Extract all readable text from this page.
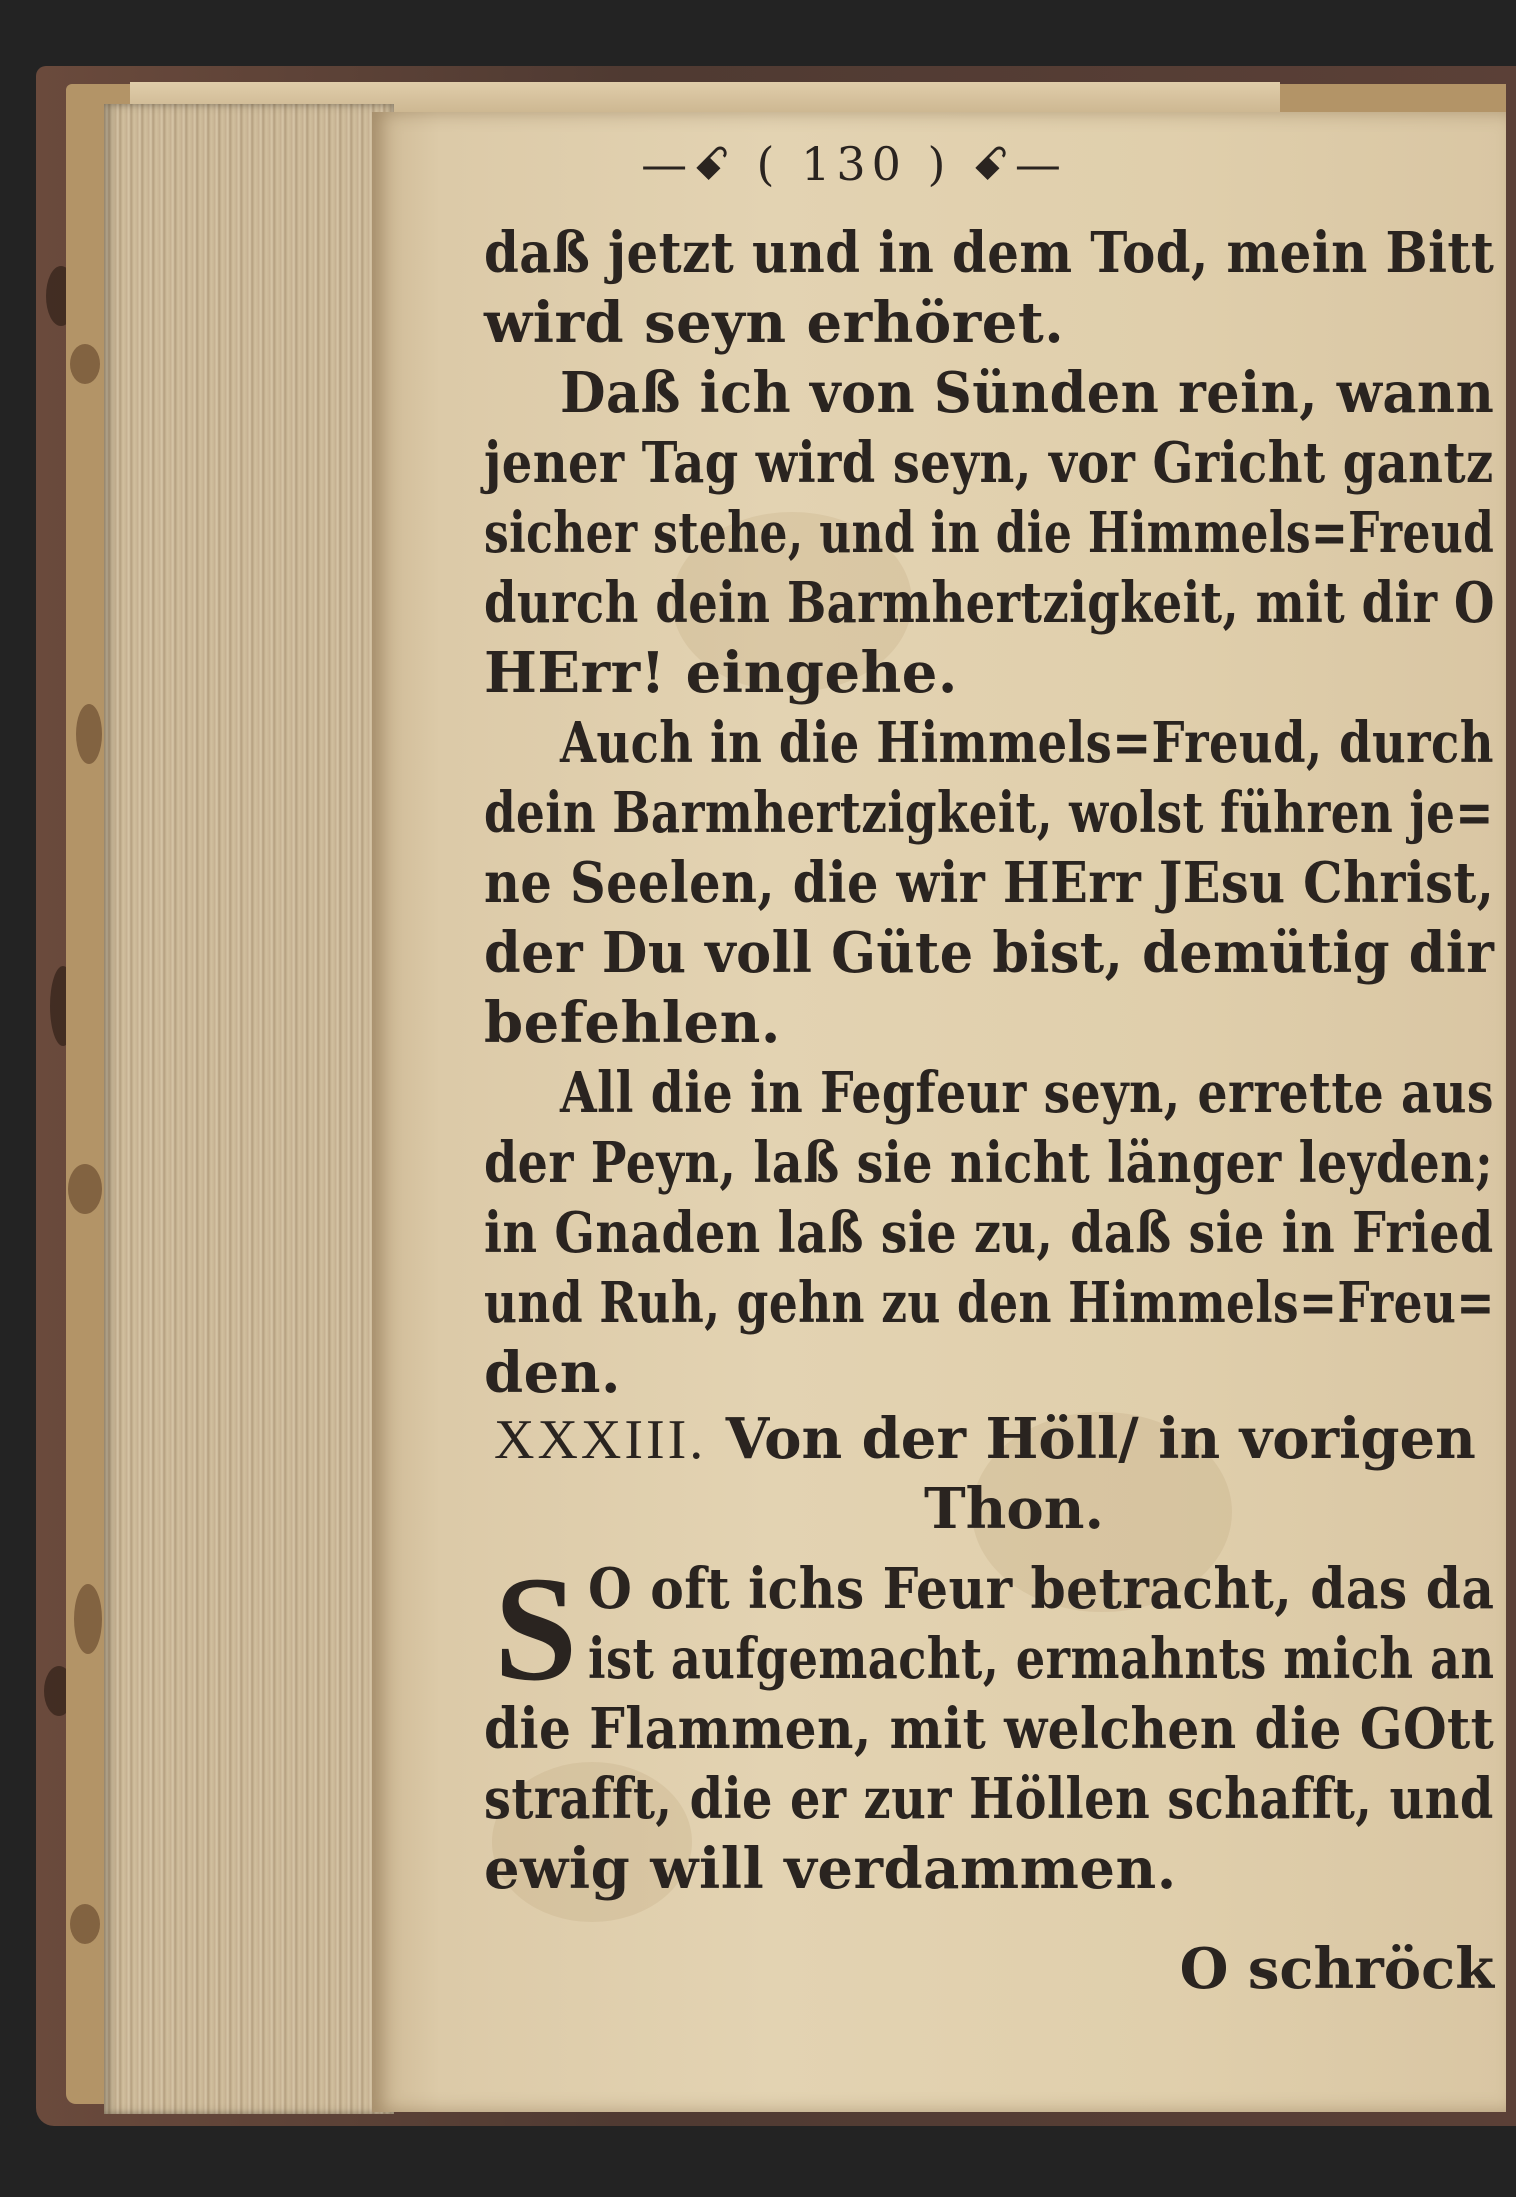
—ꗃ ( 130 ) ꗃ—
daß jetzt und in dem Tod, mein Bitt
wird seyn erhöret.
Daß ich von Sünden rein, wann
jener Tag wird seyn, vor Gricht gantz
sicher stehe, und in die Himmels=Freud
durch dein Barmhertzigkeit, mit dir O
HErr! eingehe.
Auch in die Himmels=Freud, durch
dein Barmhertzigkeit, wolst führen je=
ne Seelen, die wir HErr JEsu Christ,
der Du voll Güte bist, demütig dir
befehlen.
All die in Fegfeur seyn, errette aus
der Peyn, laß sie nicht länger leyden;
in Gnaden laß sie zu, daß sie in Fried
und Ruh, gehn zu den Himmels=Freu=
den.
XXXIII. Von der Höll/ in vorigen
Thon.
S O oft ichs Feur betracht, das da
ist aufgemacht, ermahnts mich an
die Flammen, mit welchen die GOtt
strafft, die er zur Höllen schafft, und
ewig will verdammen.
O schröck
